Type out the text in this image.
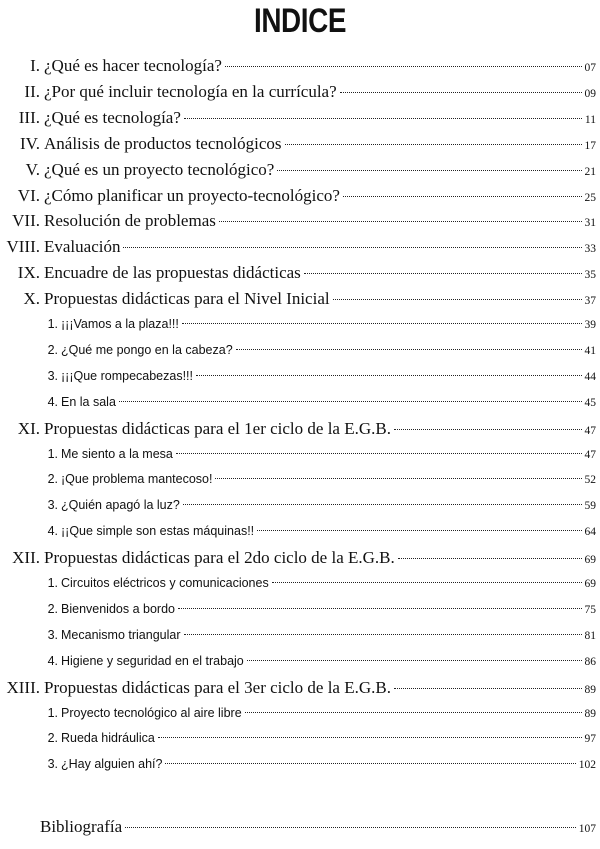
INDICE
I. ¿Qué es hacer tecnología?	07
II. ¿Por qué incluir tecnología en la currícula?	09
III. ¿Qué es tecnología?	11
IV. Análisis de productos tecnológicos	17
V. ¿Qué es un proyecto tecnológico?	21
VI. ¿Cómo planificar un proyecto-tecnológico?	25
VII. Resolución de problemas	31
VIII. Evaluación	33
IX. Encuadre de las propuestas didácticas	35
X. Propuestas didácticas para el Nivel Inicial	37
1. ¡¡¡Vamos a la plaza!!!	39
2. ¿Qué me pongo en la cabeza?	41
3. ¡¡¡Que rompecabezas!!!	44
4. En la sala	45
XI. Propuestas didácticas para el 1er ciclo de la E.G.B.	47
1. Me siento a la mesa	47
2. ¡Que problema mantecoso!	52
3. ¿Quién apagó la luz?	59
4. ¡¡Que simple son estas máquinas!!	64
XII. Propuestas didácticas para el 2do ciclo de la E.G.B.	69
1. Circuitos eléctricos y comunicaciones	69
2. Bienvenidos a bordo	75
3. Mecanismo triangular	81
4. Higiene y seguridad en el trabajo	86
XIII. Propuestas didácticas para el 3er ciclo de la E.G.B.	89
1. Proyecto tecnológico al aire libre	89
2. Rueda hidráulica	97
3. ¿Hay alguien ahí?	102
Bibliografía	107
